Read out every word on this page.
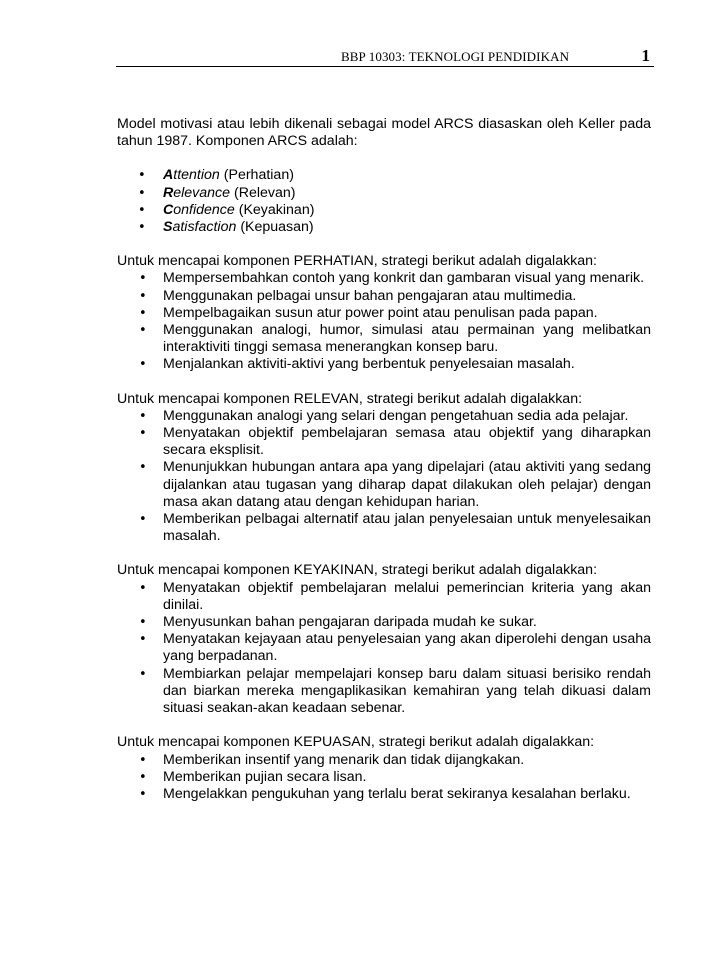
BBP 10303: TEKNOLOGI PENDIDIKAN	1

Model motivasi atau lebih dikenali sebagai model ARCS diasaskan oleh Keller pada tahun 1987. Komponen ARCS adalah:

• Attention (Perhatian)
• Relevance (Relevan)
• Confidence (Keyakinan)
• Satisfaction (Kepuasan)

Untuk mencapai komponen PERHATIAN, strategi berikut adalah digalakkan:

• Mempersembahkan contoh yang konkrit dan gambaran visual yang menarik.
• Menggunakan pelbagai unsur bahan pengajaran atau multimedia.
• Mempelbagaikan susun atur power point atau penulisan pada papan.
• Menggunakan analogi, humor, simulasi atau permainan yang melibatkan interaktiviti tinggi semasa menerangkan konsep baru.
• Menjalankan aktiviti-aktivi yang berbentuk penyelesaian masalah.

Untuk mencapai komponen RELEVAN, strategi berikut adalah digalakkan:

• Menggunakan analogi yang selari dengan pengetahuan sedia ada pelajar.
• Menyatakan objektif pembelajaran semasa atau objektif yang diharapkan secara eksplisit.
• Menunjukkan hubungan antara apa yang dipelajari (atau aktiviti yang sedang dijalankan atau tugasan yang diharap dapat dilakukan oleh pelajar) dengan masa akan datang atau dengan kehidupan harian.
• Memberikan pelbagai alternatif atau jalan penyelesaian untuk menyelesaikan masalah.

Untuk mencapai komponen KEYAKINAN, strategi berikut adalah digalakkan:

• Menyatakan objektif pembelajaran melalui pemerincian kriteria yang akan dinilai.
• Menyusunkan bahan pengajaran daripada mudah ke sukar.
• Menyatakan kejayaan atau penyelesaian yang akan diperolehi dengan usaha yang berpadanan.
• Membiarkan pelajar mempelajari konsep baru dalam situasi berisiko rendah dan biarkan mereka mengaplikasikan kemahiran yang telah dikuasi dalam situasi seakan-akan keadaan sebenar.

Untuk mencapai komponen KEPUASAN, strategi berikut adalah digalakkan:

• Memberikan insentif yang menarik dan tidak dijangkakan.
• Memberikan pujian secara lisan.
• Mengelakkan pengukuhan yang terlalu berat sekiranya kesalahan berlaku.
